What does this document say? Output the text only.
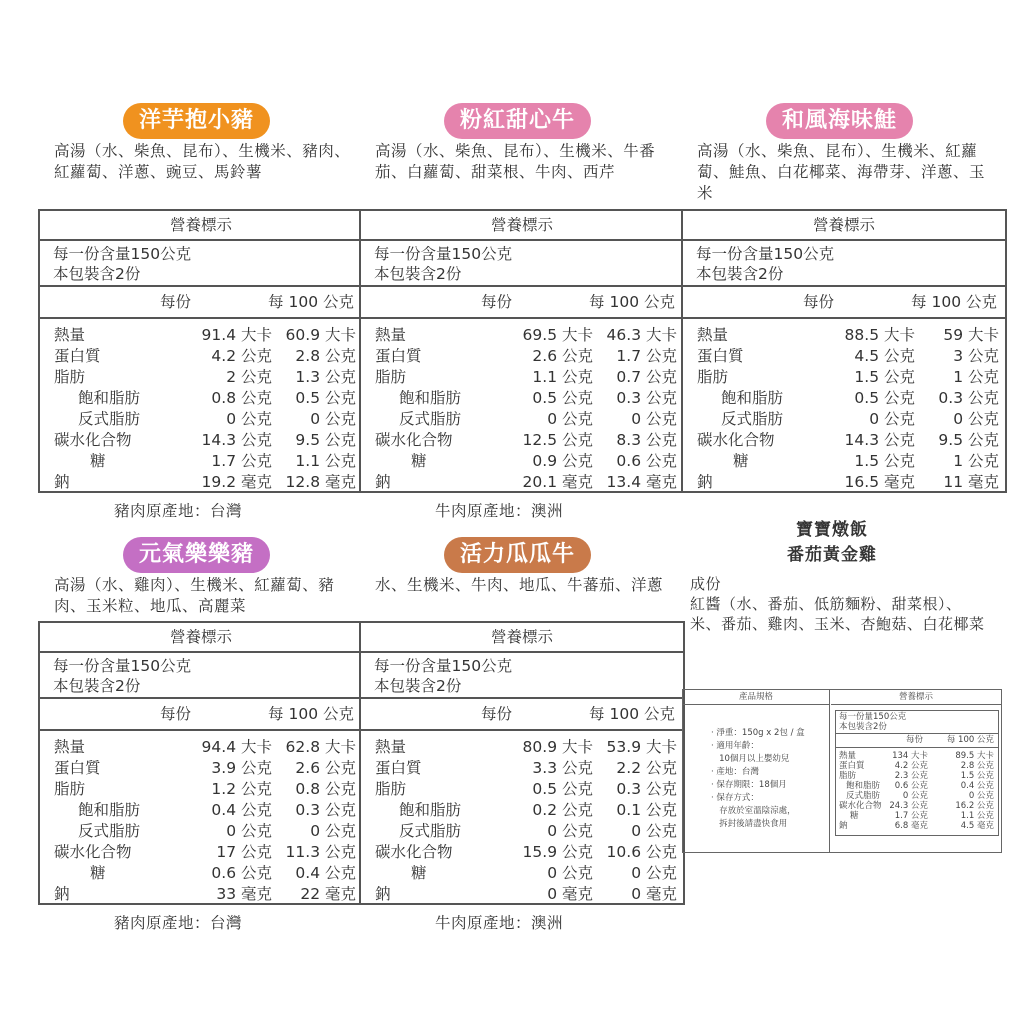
洋芋抱小豬
高湯（水、柴魚、昆布）、生機米、豬肉、紅蘿蔔、洋蔥、豌豆、馬鈴薯
營養標示
每一份含量150公克
本包裝含2份
每份	每 100 公克
熱量	91.4 大卡 60.9 大卡
蛋白質	4.2 公克 2.8 公克
脂肪	2 公克 1.3 公克
飽和脂肪	0.8 公克 0.5 公克
反式脂肪	0 公克 0 公克
碳水化合物	14.3 公克 9.5 公克
糖	1.7 公克 1.1 公克
鈉	19.2 毫克 12.8 毫克
豬肉原產地：台灣
粉紅甜心牛
高湯（水、柴魚、昆布）、生機米、牛番茄、白蘿蔔、甜菜根、牛肉、西芹
營養標示
每一份含量150公克
本包裝含2份
每份	每 100 公克
熱量	69.5 大卡 46.3 大卡
蛋白質	2.6 公克 1.7 公克
脂肪	1.1 公克 0.7 公克
飽和脂肪	0.5 公克 0.3 公克
反式脂肪	0 公克 0 公克
碳水化合物	12.5 公克 8.3 公克
糖	0.9 公克 0.6 公克
鈉	20.1 毫克 13.4 毫克
牛肉原產地：澳洲
和風海味鮭
高湯（水、柴魚、昆布）、生機米、紅蘿蔔、鮭魚、白花椰菜、海帶芽、洋蔥、玉米
營養標示
每一份含量150公克
本包裝含2份
每份	每 100 公克
熱量	88.5 大卡 59 大卡
蛋白質	4.5 公克 3 公克
脂肪	1.5 公克 1 公克
飽和脂肪	0.5 公克 0.3 公克
反式脂肪	0 公克 0 公克
碳水化合物	14.3 公克 9.5 公克
糖	1.5 公克 1 公克
鈉	16.5 毫克 11 毫克
元氣樂樂豬
高湯（水、雞肉）、生機米、紅蘿蔔、豬肉、玉米粒、地瓜、高麗菜
營養標示
每一份含量150公克
本包裝含2份
每份	每 100 公克
熱量	94.4 大卡 62.8 大卡
蛋白質	3.9 公克 2.6 公克
脂肪	1.2 公克 0.8 公克
飽和脂肪	0.4 公克 0.3 公克
反式脂肪	0 公克 0 公克
碳水化合物	17 公克 11.3 公克
糖	0.6 公克 0.4 公克
鈉	33 毫克 22 毫克
豬肉原產地：台灣
活力瓜瓜牛
水、生機米、牛肉、地瓜、牛蕃茄、洋蔥
營養標示
每一份含量150公克
本包裝含2份
每份	每 100 公克
熱量	80.9 大卡 53.9 大卡
蛋白質	3.3 公克 2.2 公克
脂肪	0.5 公克 0.3 公克
飽和脂肪	0.2 公克 0.1 公克
反式脂肪	0 公克 0 公克
碳水化合物	15.9 公克 10.6 公克
糖	0 公克 0 公克
鈉	0 毫克 0 毫克
牛肉原產地：澳洲
寶寶燉飯
番茄黃金雞
成份
紅醬（水、番茄、低筋麵粉、甜菜根）、米、番茄、雞肉、玉米、杏鮑菇、白花椰菜
產品規格
‧ 淨重：150g x 2包 / 盒
‧ 適用年齡：
10個月以上嬰幼兒
‧ 產地：台灣
‧ 保存期限：18個月
‧ 保存方式：
存放於室溫陰涼處，
拆封後請盡快食用
營養標示
每一份量150公克
本包裝含2份
每份	每 100 公克
熱量	134 大卡	89.5 大卡
蛋白質	4.2 公克	2.8 公克
脂肪	2.3 公克	1.5 公克
飽和脂肪 0.6 公克	0.4 公克
反式脂肪	0 公克	0 公克
碳水化合物 24.3 公克	16.2 公克
糖	1.7 公克	1.1 公克
鈉	6.8 毫克	4.5 毫克
